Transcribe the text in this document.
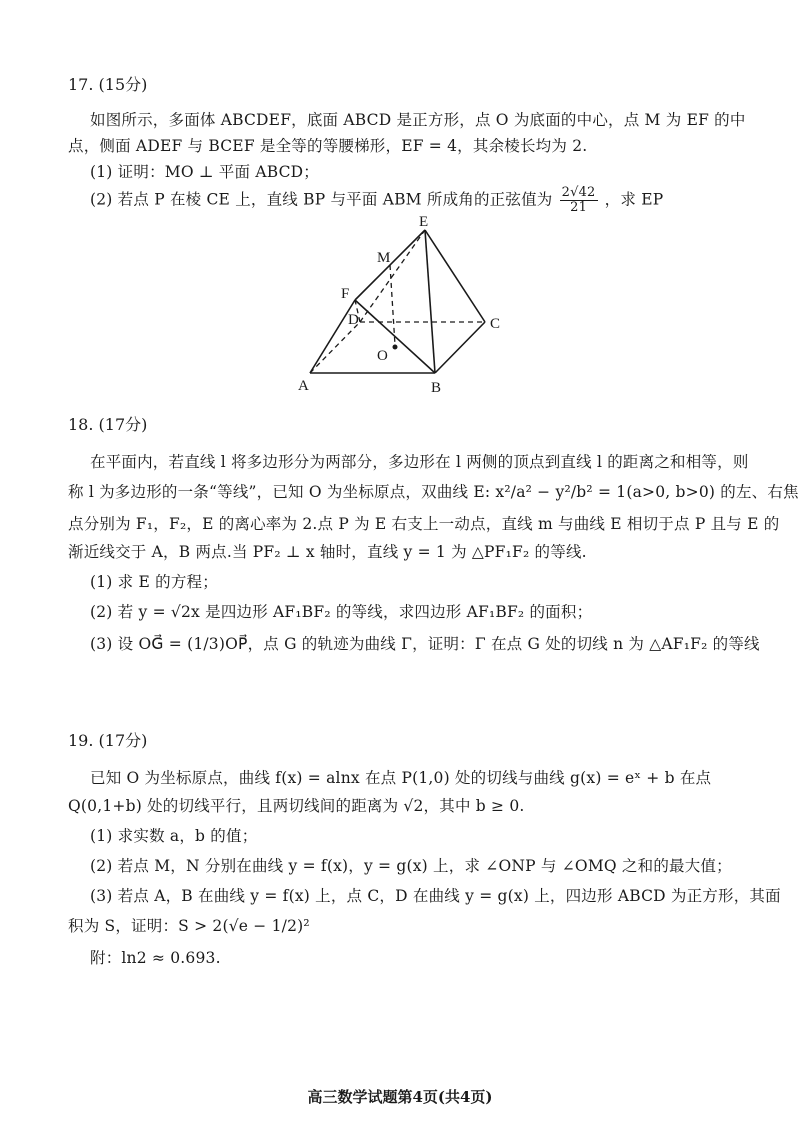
17. (15分)
如图所示，多面体 ABCDEF，底面 ABCD 是正方形，点 O 为底面的中心，点 M 为 EF 的中
点，侧面 ADEF 与 BCEF 是全等的等腰梯形，EF = 4，其余棱长均为 2.
(1) 证明：MO ⊥ 平面 ABCD；
(2) 若点 P 在棱 CE 上，直线 BP 与平面 ABM 所成角的正弦值为 $\frac{2√42}{21}$ ，求 EP
E
M
F
D	C
O
A	B
18. (17分)
在平面内，若直线 l 将多边形分为两部分，多边形在 l 两侧的顶点到直线 l 的距离之和相等，则
称 l 为多边形的一条“等线”，已知 O 为坐标原点，双曲线 E: x²/a² − y²/b² = 1(a>0, b>0) 的左、右焦
点分别为 F₁，F₂，E 的离心率为 2.点 P 为 E 右支上一动点，直线 m 与曲线 E 相切于点 P 且与 E 的
渐近线交于 A，B 两点.当 PF₂ ⊥ x 轴时，直线 y = 1 为 △PF₁F₂ 的等线.
(1) 求 E 的方程；
(2) 若 y = √2x 是四边形 AF₁BF₂ 的等线，求四边形 AF₁BF₂ 的面积；
(3) 设 OG⃗ = (1/3)OP⃗，点 G 的轨迹为曲线 Γ，证明：Γ 在点 G 处的切线 n 为 △AF₁F₂ 的等线
19. (17分)
已知 O 为坐标原点，曲线 f(x) = alnx 在点 P(1,0) 处的切线与曲线 g(x) = eˣ + b 在点
Q(0,1+b) 处的切线平行，且两切线间的距离为 √2，其中 b ≥ 0.
(1) 求实数 a，b 的值；
(2) 若点 M，N 分别在曲线 y = f(x)，y = g(x) 上，求 ∠ONP 与 ∠OMQ 之和的最大值；
(3) 若点 A，B 在曲线 y = f(x) 上，点 C，D 在曲线 y = g(x) 上，四边形 ABCD 为正方形，其面
积为 S，证明：S > 2(√e − 1/2)²
附：ln2 ≈ 0.693.
高三数学试题第4页(共4页)
